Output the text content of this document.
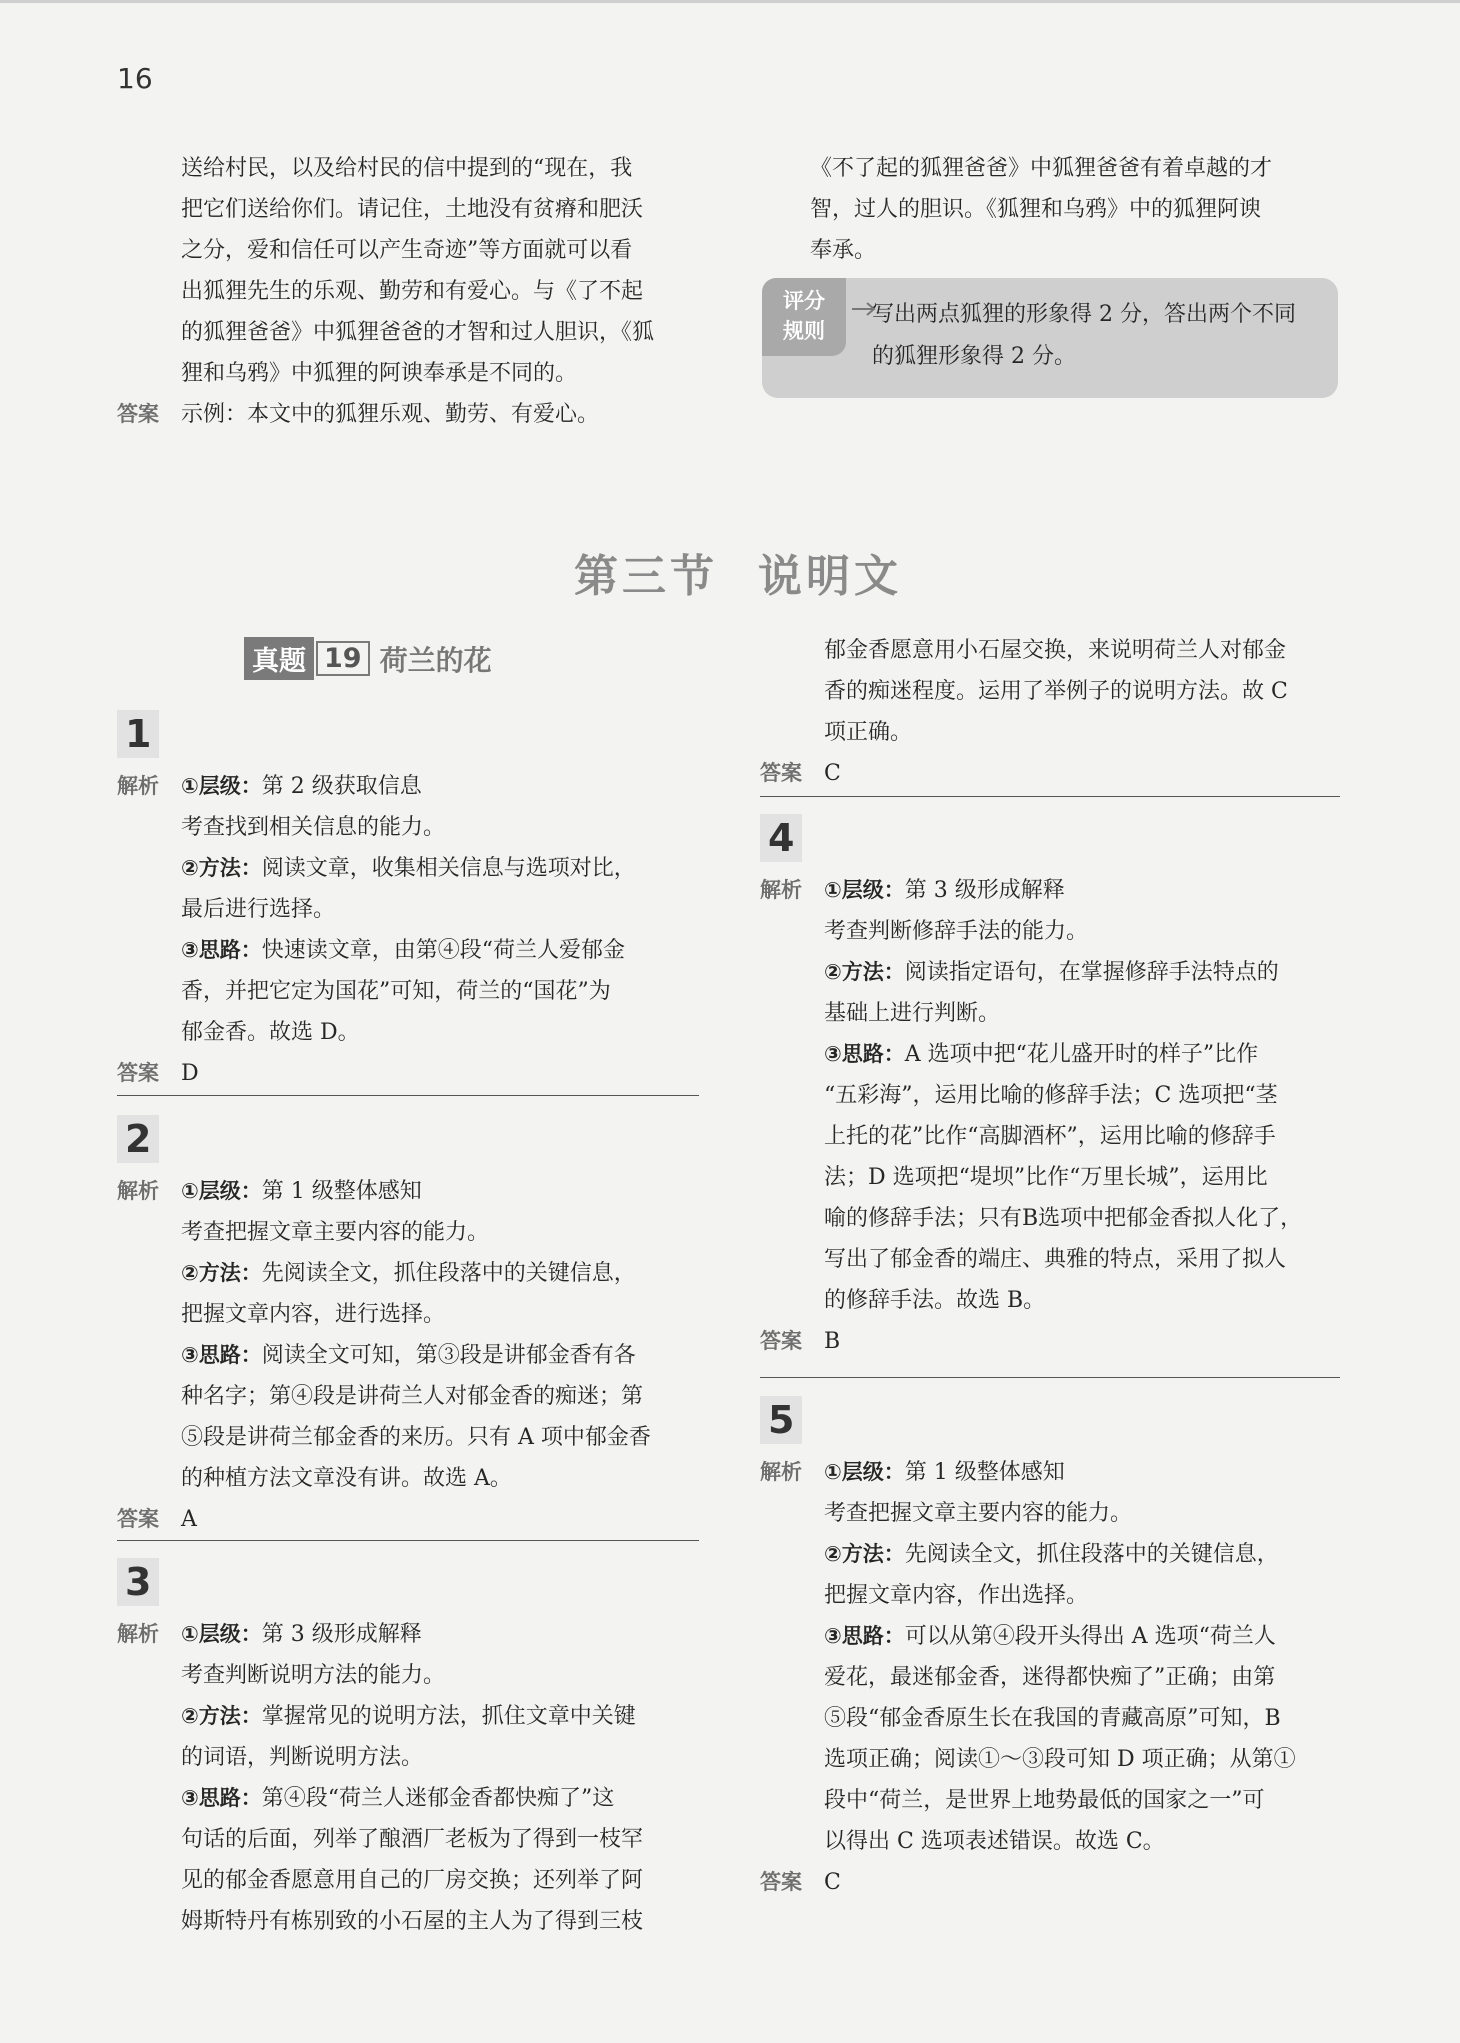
16

送给村民，以及给村民的信中提到的“现在，我

把它们送给你们。请记住，土地没有贫瘠和肥沃

之分，爱和信任可以产生奇迹”等方面就可以看

出狐狸先生的乐观、勤劳和有爱心。与《了不起

的狐狸爸爸》中狐狸爸爸的才智和过人胆识，《狐

狸和乌鸦》中狐狸的阿谀奉承是不同的。

答案 示例：本文中的狐狸乐观、勤劳、有爱心。

《不了起的狐狸爸爸》中狐狸爸爸有着卓越的才

智，过人的胆识。《狐狸和乌鸦》中的狐狸阿谀

奉承。

评分
规则
写出两点狐狸的形象得 2 分，答出两个不同
的狐狸形象得 2 分。
第三节 说明文
真题 19 荷兰的花
1

解析 ①层级：第 2 级获取信息

考查找到相关信息的能力。

②方法：阅读文章，收集相关信息与选项对比，

最后进行选择。

③思路：快速读文章，由第④段“荷兰人爱郁金

香，并把它定为国花”可知，荷兰的“国花”为

郁金香。故选 D。

答案 D

2

解析 ①层级：第 1 级整体感知

考查把握文章主要内容的能力。

②方法：先阅读全文，抓住段落中的关键信息，

把握文章内容，进行选择。

③思路：阅读全文可知，第③段是讲郁金香有各

种名字；第④段是讲荷兰人对郁金香的痴迷；第

⑤段是讲荷兰郁金香的来历。只有 A 项中郁金香

的种植方法文章没有讲。故选 A。

答案 A

3

解析 ①层级：第 3 级形成解释

考查判断说明方法的能力。

②方法：掌握常见的说明方法，抓住文章中关键

的词语，判断说明方法。

③思路：第④段“荷兰人迷郁金香都快痴了”这

句话的后面，列举了酿酒厂老板为了得到一枝罕

见的郁金香愿意用自己的厂房交换；还列举了阿

姆斯特丹有栋别致的小石屋的主人为了得到三枝

郁金香愿意用小石屋交换，来说明荷兰人对郁金

香的痴迷程度。运用了举例子的说明方法。故 C

项正确。

答案 C

4

解析 ①层级：第 3 级形成解释

考查判断修辞手法的能力。

②方法：阅读指定语句，在掌握修辞手法特点的

基础上进行判断。

③思路：A 选项中把“花儿盛开时的样子”比作

“五彩海”，运用比喻的修辞手法；C 选项把“茎

上托的花”比作“高脚酒杯”，运用比喻的修辞手

法；D 选项把“堤坝”比作“万里长城”，运用比

喻的修辞手法；只有B选项中把郁金香拟人化了，

写出了郁金香的端庄、典雅的特点，采用了拟人

的修辞手法。故选 B。

答案 B

5

解析 ①层级：第 1 级整体感知

考查把握文章主要内容的能力。

②方法：先阅读全文，抓住段落中的关键信息，

把握文章内容，作出选择。

③思路：可以从第④段开头得出 A 选项“荷兰人

爱花，最迷郁金香，迷得都快痴了”正确；由第

⑤段“郁金香原生长在我国的青藏高原”可知，B

选项正确；阅读①～③段可知 D 项正确；从第①

段中“荷兰，是世界上地势最低的国家之一”可

以得出 C 选项表述错误。故选 C。

答案 C
